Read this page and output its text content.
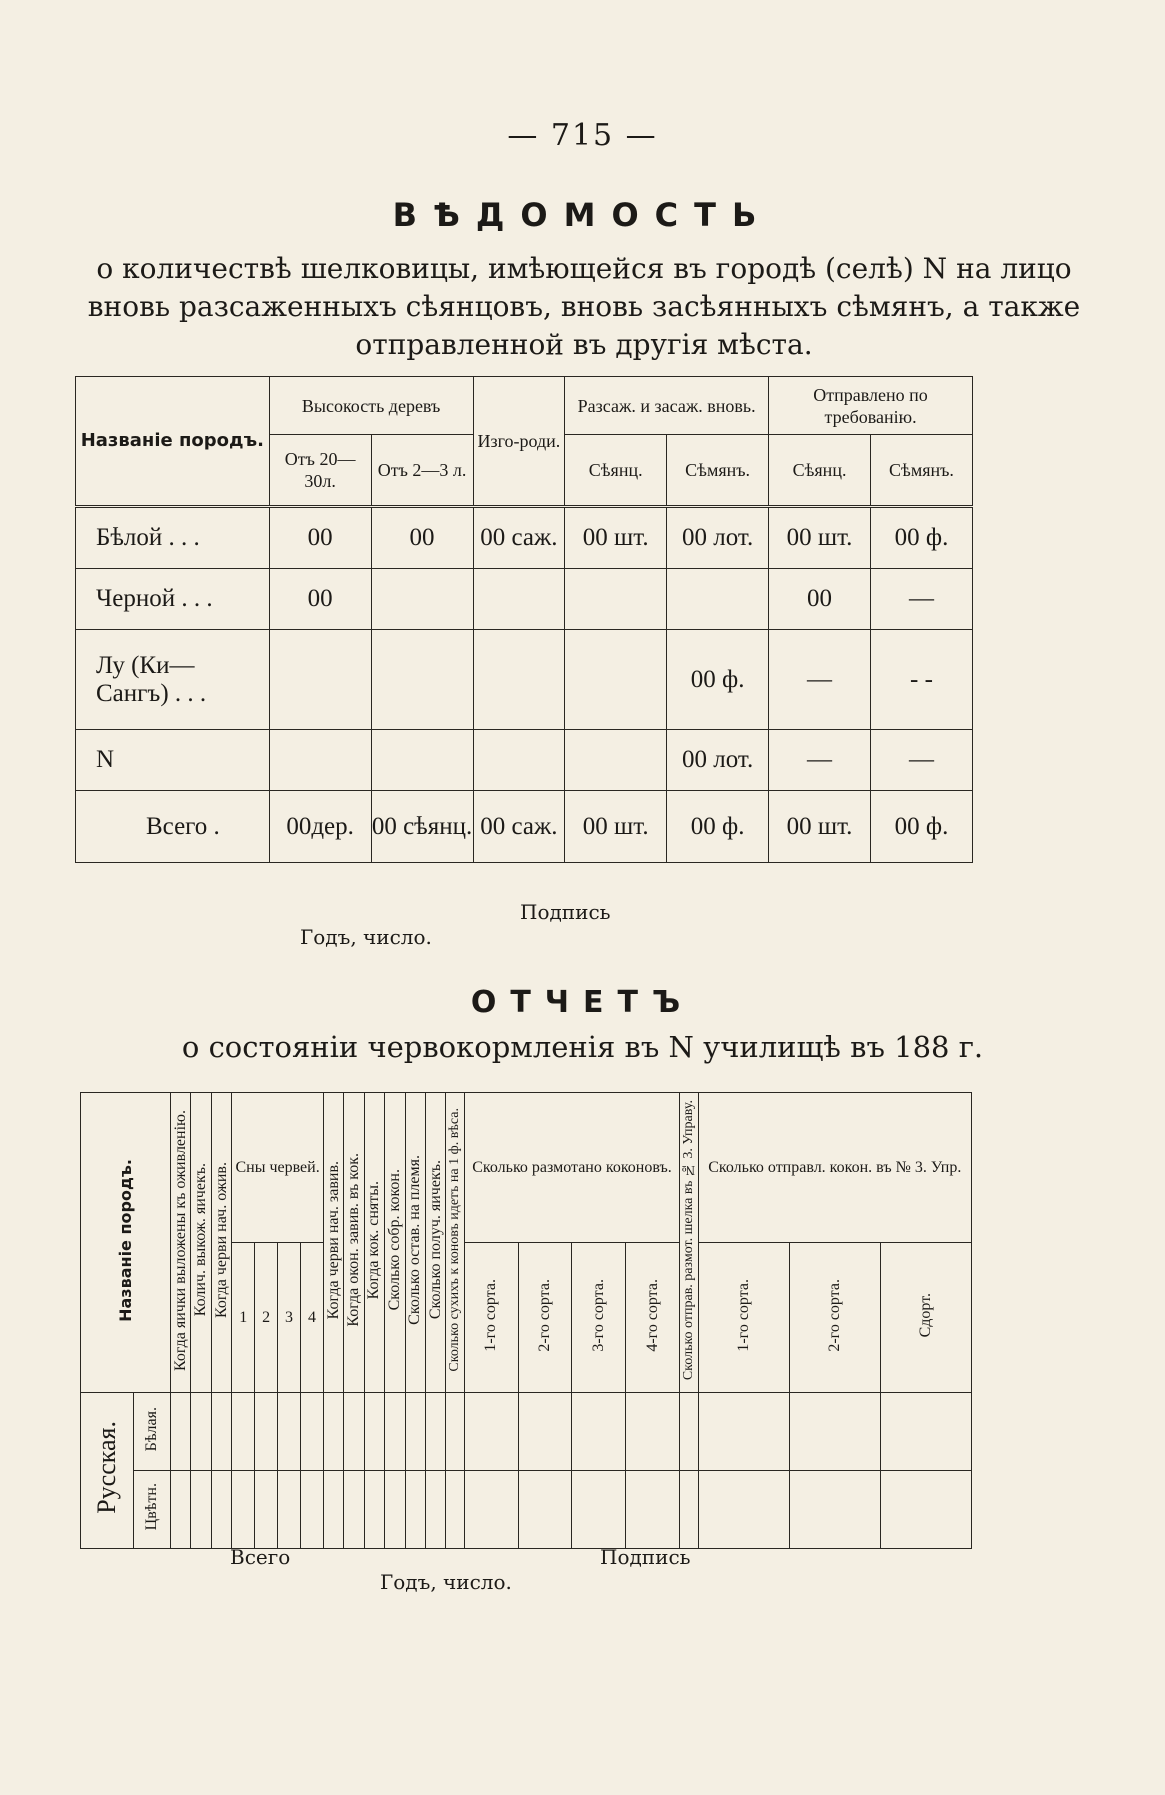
— 715 —
ВѢДОМОСТЬ
о количествѣ шелковицы, имѣющейся въ городѣ (селѣ) N на лицо вновь разсаженныхъ сѣянцовъ, вновь засѣянныхъ сѣмянъ, а также отправленной въ другія мѣста.
Названіе породъ.	Высокость деревъ		Изго-роди.	Разсаж. и засаж. вновь.		Отправлено по требованію.	
	Отъ 20—30л.	Отъ 2—3 л.		Сѣянц.	Сѣмянъ.	Сѣянц.	Сѣмянъ.
Бѣлой . . .	00	00	00 саж.	00 шт.	00 лот.	00 шт.	00 ф.
Черной . . .	00					00	—
Лу (Ки— Сангъ) . . .					00 ф.	—	- -
N					00 лот.	—	—
Всего .	00дер.	00 сѣянц.	00 саж.	00 шт.	00 ф.	00 шт.	00 ф.
Подпись
Годъ, число.
ОТЧЕТЪ
о состояніи червокормленія въ N училищѣ въ 188 г.
Названіе породъ.		Когда яички выложены къ оживленію.	Колич. выкож. яичекъ.	Когда черви нач. ожив.	Сны червей.				Когда черви нач. завив.	Когда окон. завив. въ кок.	Когда кок. сняты.	Сколько собр. кокон.	Сколько остав. на племя.	Сколько получ. яичекъ.	Сколько сухихъ к коновъ идетъ на 1 ф. вѣса.	Сколько размотано коконовъ.				Сколько отправ. размот. шелка въ № 3. Управу.	Сколько отправл. кокон. въ № 3. Упр.		
					1	2	3	4								1-го сорта.	2-го сорта.	3-го сорта.	4-го сорта.		1-го сорта.	2-го сорта.	Сдорт.
Русская.	Бѣлая.																						
	Цвѣтн.																						
Всего	Подпись
Годъ, число.
